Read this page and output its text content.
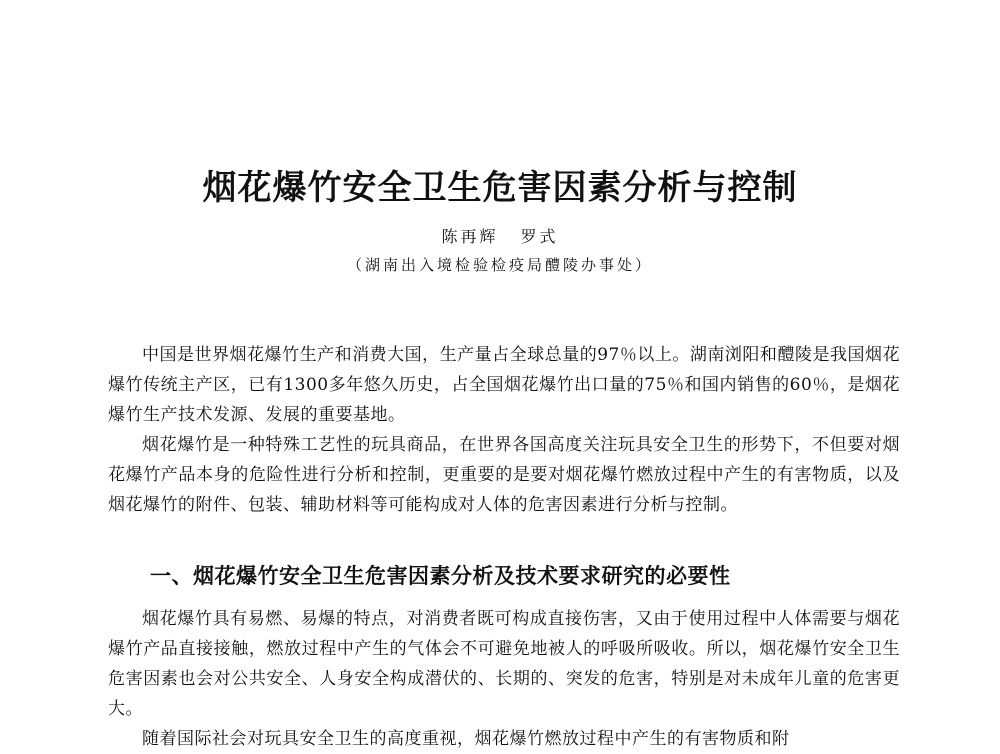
烟花爆竹安全卫生危害因素分析与控制
陈再辉 罗式
（湖南出入境检验检疫局醴陵办事处）

中国是世界烟花爆竹生产和消费大国，生产量占全球总量的97％以上。湖南浏阳和醴陵是我国烟花爆竹传统主产区，已有1300多年悠久历史，占全国烟花爆竹出口量的75％和国内销售的60％，是烟花爆竹生产技术发源、发展的重要基地。

烟花爆竹是一种特殊工艺性的玩具商品，在世界各国高度关注玩具安全卫生的形势下，不但要对烟花爆竹产品本身的危险性进行分析和控制，更重要的是要对烟花爆竹燃放过程中产生的有害物质，以及烟花爆竹的附件、包装、辅助材料等可能构成对人体的危害因素进行分析与控制。

一、烟花爆竹安全卫生危害因素分析及技术要求研究的必要性

烟花爆竹具有易燃、易爆的特点，对消费者既可构成直接伤害，又由于使用过程中人体需要与烟花爆竹产品直接接触，燃放过程中产生的气体会不可避免地被人的呼吸所吸收。所以，烟花爆竹安全卫生危害因素也会对公共安全、人身安全构成潜伏的、长期的、突发的危害，特别是对未成年儿童的危害更大。

随着国际社会对玩具安全卫生的高度重视，烟花爆竹燃放过程中产生的有害物质和附
